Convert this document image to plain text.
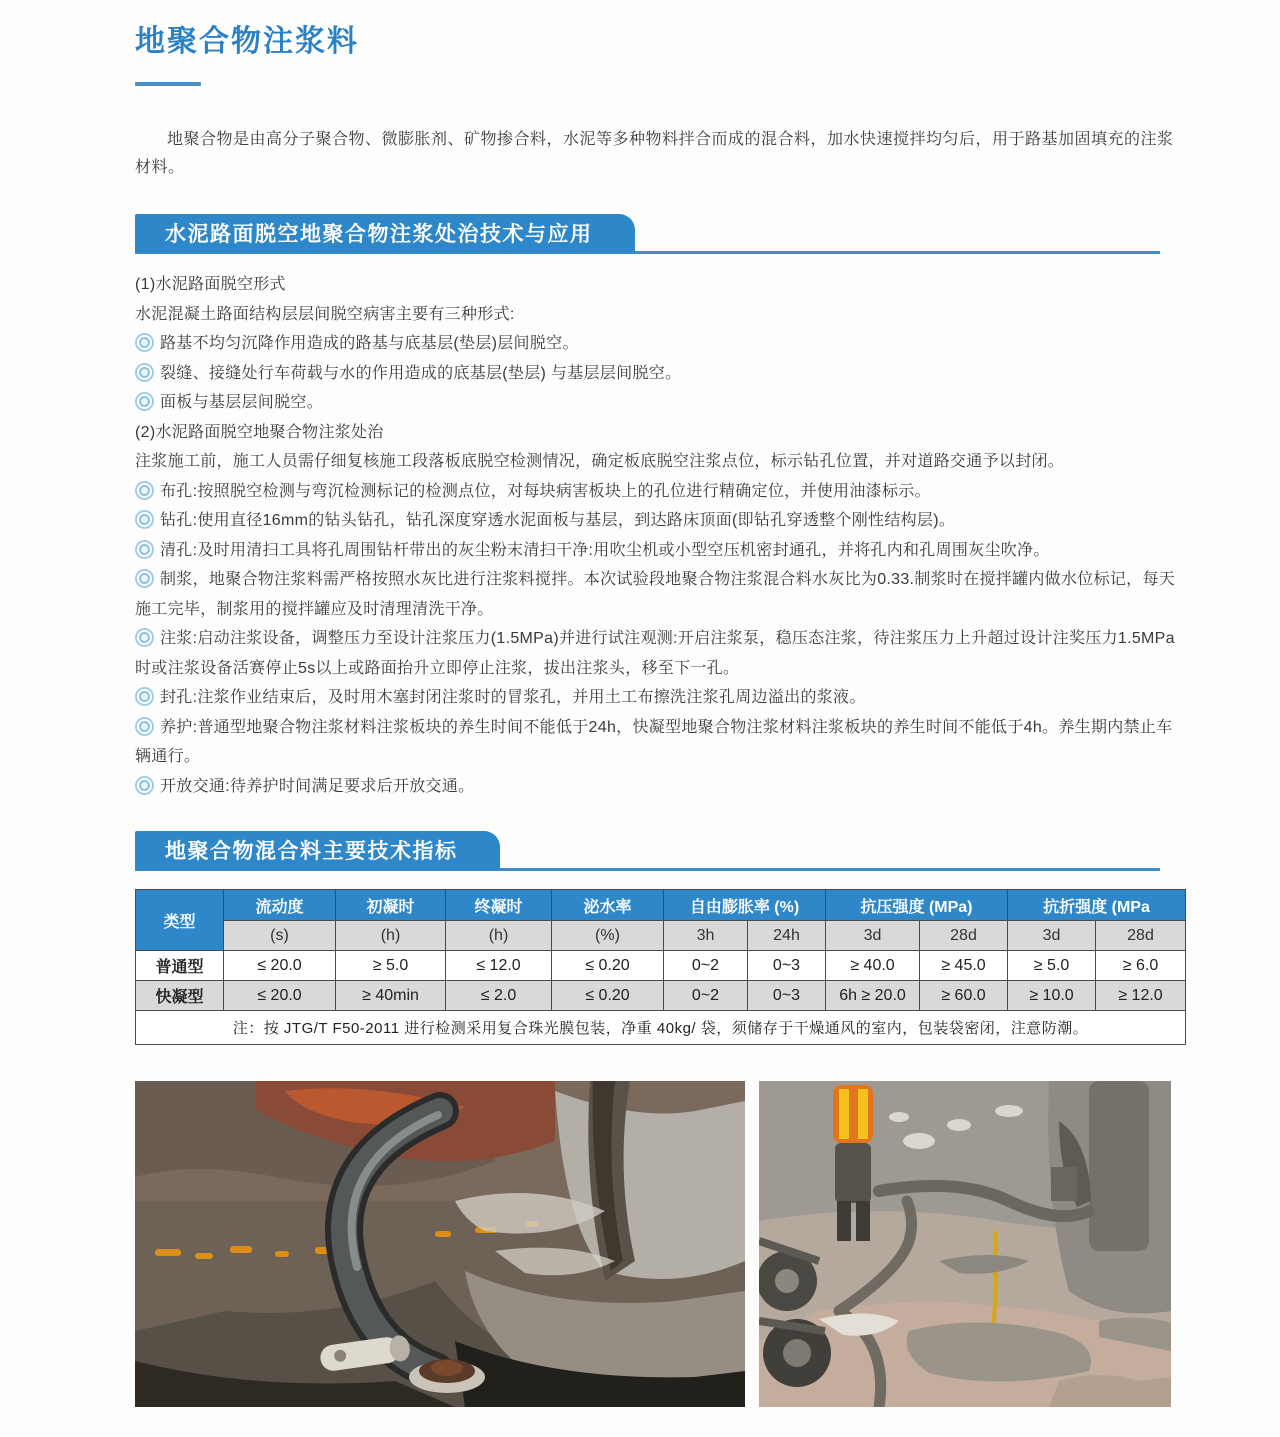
地聚合物注浆料
地聚合物是由高分子聚合物、微膨胀剂、矿物掺合料，水泥等多种物料拌合而成的混合料，加水快速搅拌均匀后，用于路基加固填充的注浆材料。
水泥路面脱空地聚合物注浆处治技术与应用
(1)水泥路面脱空形式
水泥混凝土路面结构层层间脱空病害主要有三种形式:
路基不均匀沉降作用造成的路基与底基层(垫层)层间脱空。
裂缝、接缝处行车荷载与水的作用造成的底基层(垫层) 与基层层间脱空。
面板与基层层间脱空。
(2)水泥路面脱空地聚合物注浆处治
注浆施工前，施工人员需仔细复核施工段落板底脱空检测情况，确定板底脱空注浆点位，标示钻孔位置，并对道路交通予以封闭。
布孔:按照脱空检测与弯沉检测标记的检测点位，对每块病害板块上的孔位进行精确定位，并使用油漆标示。
钻孔:使用直径16mm的钻头钻孔，钻孔深度穿透水泥面板与基层，到达路床顶面(即钻孔穿透整个刚性结构层)。
清孔:及时用清扫工具将孔周围钻杆带出的灰尘粉末清扫干净:用吹尘机或小型空压机密封通孔，并将孔内和孔周围灰尘吹净。
制浆，地聚合物注浆料需严格按照水灰比进行注浆料搅拌。本次试验段地聚合物注浆混合料水灰比为0.33.制浆时在搅拌罐内做水位标记，每天施工完毕，制浆用的搅拌罐应及时清理清洗干净。
注浆:启动注浆设备，调整压力至设计注浆压力(1.5MPa)并进行试注观测:开启注浆泵，稳压态注浆，待注浆压力上升超过设计注奖压力1.5MPa时或注浆设备活赛停止5s以上或路面抬升立即停止注浆，拔出注浆头，移至下一孔。
封孔:注浆作业结束后，及时用木塞封闭注浆时的冒浆孔，并用土工布擦洗注浆孔周边溢出的浆液。
养护:普通型地聚合物注浆材料注浆板块的养生时间不能低于24h，快凝型地聚合物注浆材料注浆板块的养生时间不能低于4h。养生期内禁止车辆通行。
开放交通:待养护时间满足要求后开放交通。
地聚合物混合料主要技术指标
类型	流动度	初凝时	终凝时	泌水率	自由膨胀率 (%)		抗压强度 (MPa)		抗折强度 (MPa	
	(s)	(h)	(h)	(%)	3h	24h	3d	28d	3d	28d
普通型	≤ 20.0	≥ 5.0	≤ 12.0	≤ 0.20	0~2	0~3	≥ 40.0	≥ 45.0	≥ 5.0	≥ 6.0
快凝型	≤ 20.0	≥ 40min	≤ 2.0	≤ 0.20	0~2	0~3	6h ≥ 20.0	≥ 60.0	≥ 10.0	≥ 12.0
注：按 JTG/T F50-2011 进行检测采用复合珠光膜包装，净重 40kg/ 袋，须储存于干燥通风的室内，包装袋密闭，注意防潮。										
